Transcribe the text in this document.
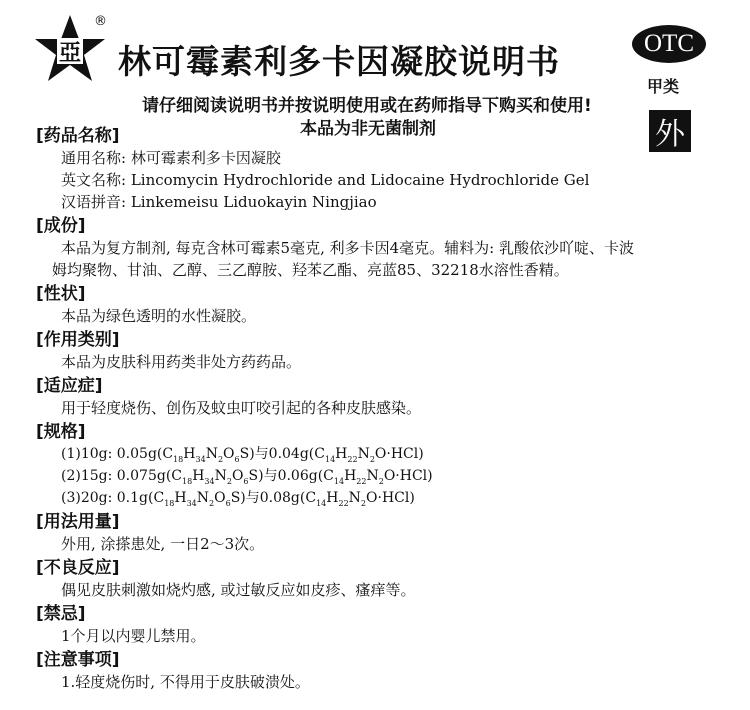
亞
®
林可霉素利多卡因凝胶说明书	OTC
甲类
外
请仔细阅读说明书并按说明使用或在药师指导下购买和使用!
本品为非无菌制剂
[药品名称]
通用名称: 林可霉素利多卡因凝胶
英文名称: Lincomycin Hydrochloride and Lidocaine Hydrochloride Gel
汉语拼音: Linkemeisu Liduokayin Ningjiao
[成份]
本品为复方制剂, 每克含林可霉素5毫克, 利多卡因4毫克。辅料为: 乳酸依沙吖啶、卡波
姆均聚物、甘油、乙醇、三乙醇胺、羟苯乙酯、亮蓝85、32218水溶性香精。
[性状]
本品为绿色透明的水性凝胶。
[作用类别]
本品为皮肤科用药类非处方药药品。
[适应症]
用于轻度烧伤、创伤及蚊虫叮咬引起的各种皮肤感染。
[规格]
(1)10g: $0.05g(C_{18}H_{34}N_2O_6S)$与$0.04g(C_{14}H_{22}N_2O\cdot HCl)$
(2)15g: $0.075g(C_{18}H_{34}N_2O_6S)$与$0.06g(C_{14}H_{22}N_2O\cdot HCl)$
(3)20g: $0.1g(C_{18}H_{34}N_2O_6S)$与$0.08g(C_{14}H_{22}N_2O\cdot HCl)$
[用法用量]
外用, 涂搽患处, 一日2～3次。
[不良反应]
偶见皮肤刺激如烧灼感, 或过敏反应如皮疹、瘙痒等。
[禁忌]
1个月以内婴儿禁用。
[注意事项]
1.轻度烧伤时, 不得用于皮肤破溃处。
